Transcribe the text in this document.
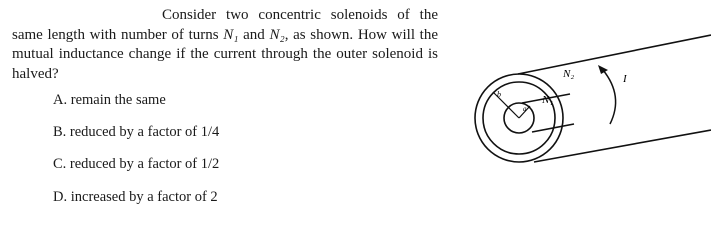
Consider two concentric solenoids of the same length with number of turns N₁ and N₂, as shown. How will the mutual inductance change if the current through the outer solenoid is halved?

A. remain the same
B. reduced by a factor of 1/4
C. reduced by a factor of 1/2
D. increased by a factor of 2
N₂
N₁
I
b
a
